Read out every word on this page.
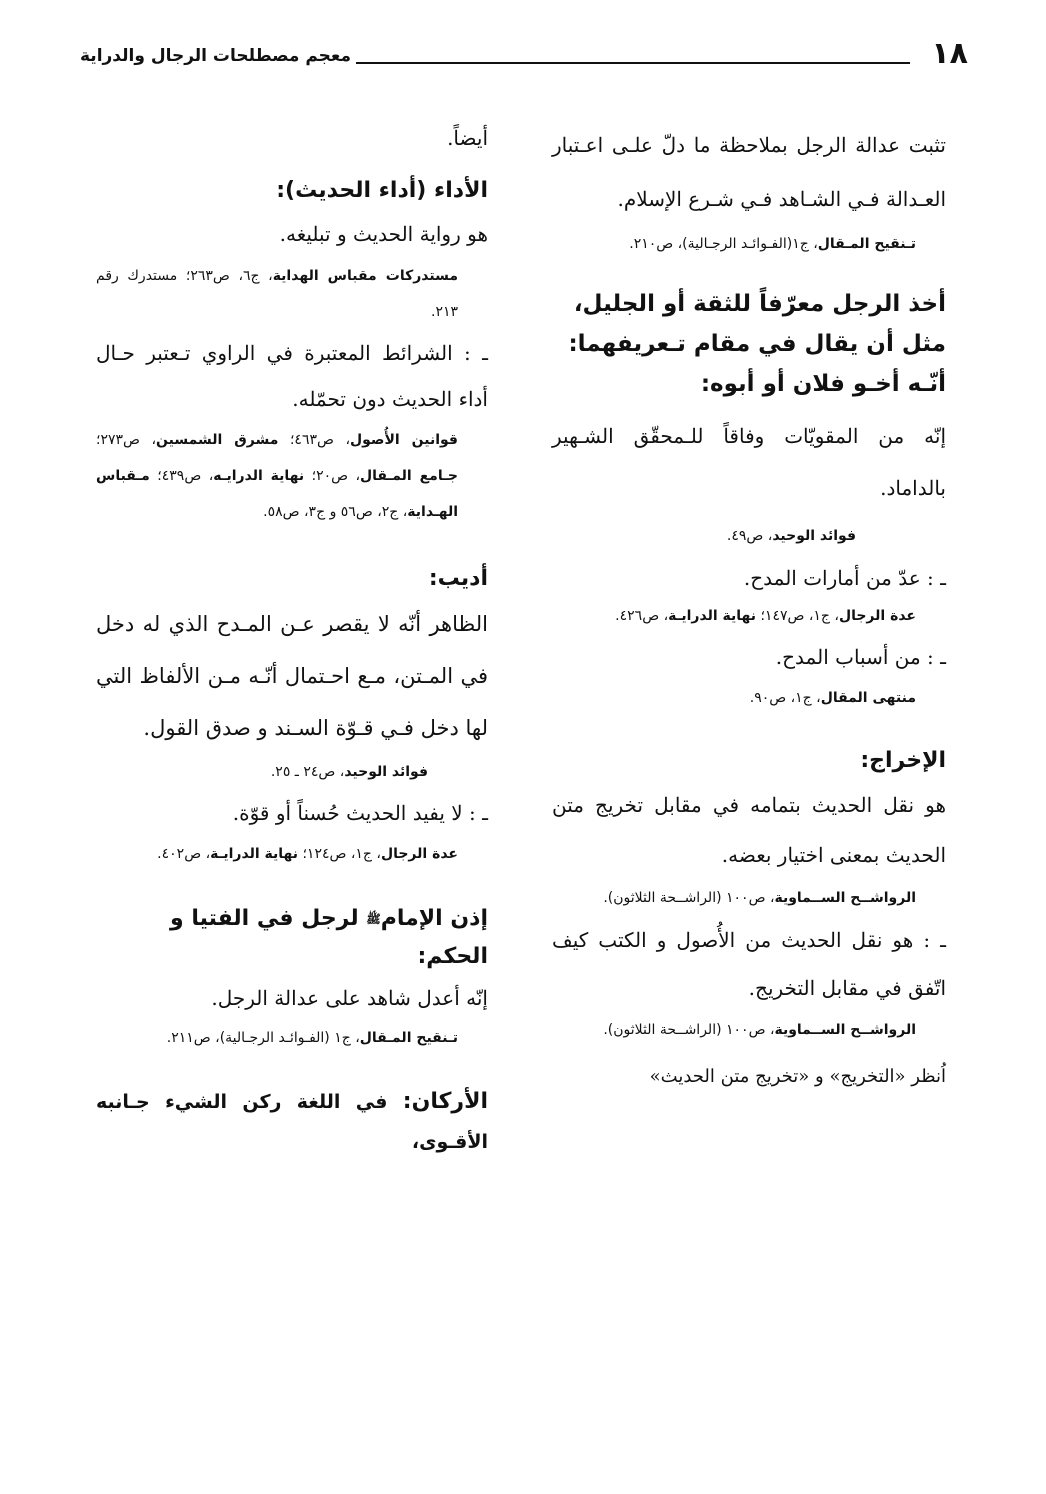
١٨
معجم مصطلحات الرجال والدراية

تثبت عدالة الرجل بملاحظة ما دلّ علـى اعـتبار العـدالة فـي الشـاهد فـي شـرع الإسلام.

تـنقيح المـقال، ج١(الفـوائـد الرجـالية)، ص٢١٠.

أخذ الرجل معرّفاً للثقة أو الجليل، مثل أن يقال في مقام تـعريفهما: أنّـه أخـو فلان أو أبوه:

إنّه من المقويّات وفاقاً للـمحقّق الشـهير بالداماد.

فوائد الوحيد، ص٤٩.

ـ : عدّ من أمارات المدح.

عدة الرجال، ج١، ص١٤٧؛ نهاية الدرايـة، ص٤٢٦.

ـ : من أسباب المدح.

منتهى المقال، ج١، ص٩٠.

الإخراج:

هو نقل الحديث بتمامه في مقابل تخريج متن الحديث بمعنى اختيار بعضه.

الرواشــح الســماوية، ص١٠٠ (الراشــحة الثلاثون).

ـ : هو نقل الحديث من الأُصول و الكتب كيف اتّفق في مقابل التخريج.

الرواشــح الســماوية، ص١٠٠ (الراشــحة الثلاثون).

اُنظر «التخريج» و «تخريج متن الحديث»

أيضاً.

الأداء (أداء الحديث):

هو رواية الحديث و تبليغه.

مستدركات مقباس الهداية، ج٦، ص٢٦٣؛ مستدرك رقم ٢١٣.

ـ : الشرائط المعتبرة في الراوي تـعتبر حـال أداء الحديث دون تحمّله.

قوانين الأُصول، ص٤٦٣؛ مشرق الشمسين، ص٢٧٣؛ جـامع المـقال، ص٢٠؛ نهاية الدرايـه، ص٤٣٩؛ مـقباس الهـداية، ج٢، ص٥٦ و ج٣، ص٥٨.

أديب:

الظاهر أنّه لا يقصر عـن المـدح الذي له دخل في المـتن، مـع احـتمال أنّـه مـن الألفاظ التي لها دخل فـي قـوّة السـند و صدق القول.

فوائد الوحيد، ص٢٤ ـ ٢٥.

ـ : لا يفيد الحديث حُسناً أو قوّة.

عدة الرجال، ج١، ص١٢٤؛ نهاية الدرايـة، ص٤٠٢.

إذن الإمام$^ﷺ$ لرجل في الفتيا و الحكم:

إنّه أعدل شاهد على عدالة الرجل.

تـنقيح المـقال، ج١ (الفـوائـد الرجـالية)، ص٢١١.

الأركان: في اللغة ركن الشيء جـانبه الأقـوى،
